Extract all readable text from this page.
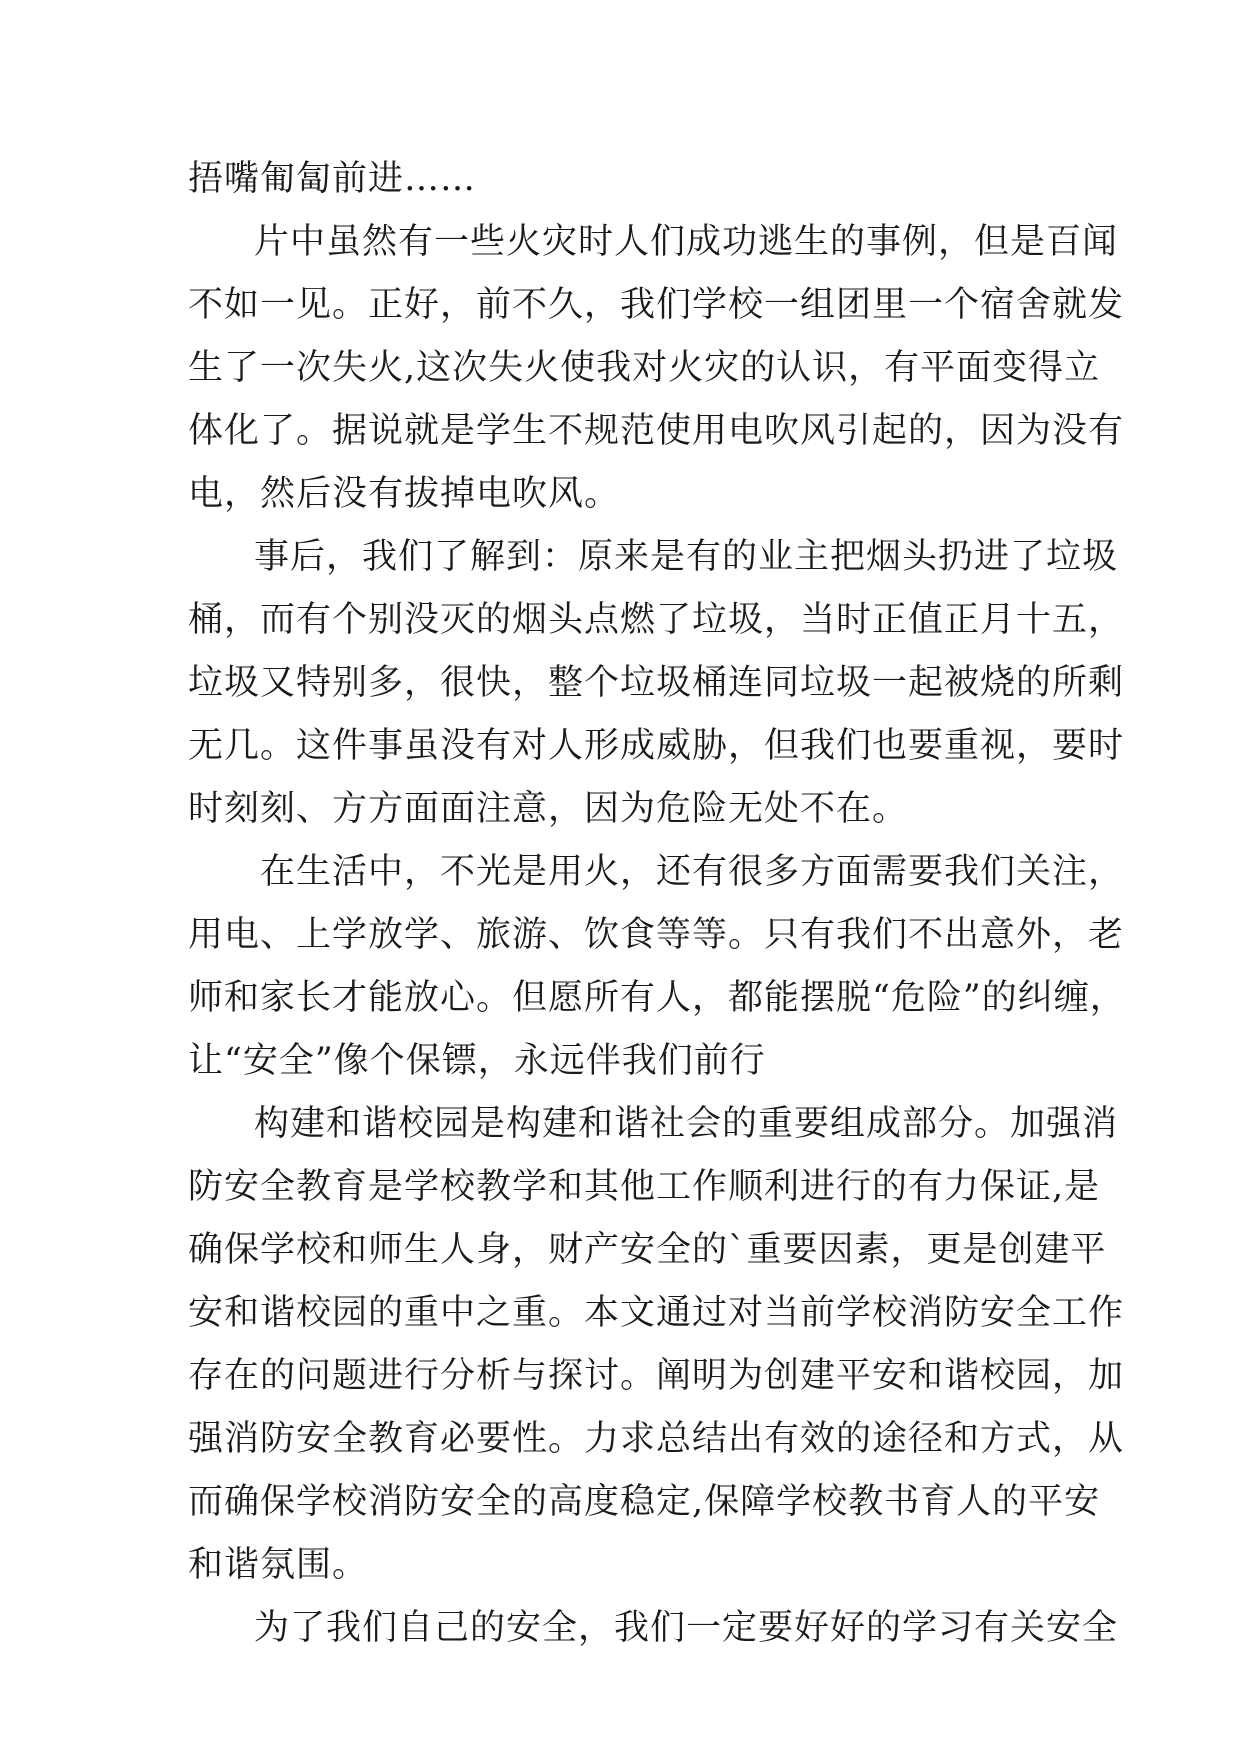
捂嘴匍匐前进……
片中虽然有一些火灾时人们成功逃生的事例，但是百闻
不如一见。正好，前不久，我们学校一组团里一个宿舍就发
生了一次失火,这次失火使我对火灾的认识，有平面变得立
体化了。据说就是学生不规范使用电吹风引起的，因为没有
电，然后没有拔掉电吹风。
事后，我们了解到：原来是有的业主把烟头扔进了垃圾
桶，而有个别没灭的烟头点燃了垃圾，当时正值正月十五，
垃圾又特别多，很快，整个垃圾桶连同垃圾一起被烧的所剩
无几。这件事虽没有对人形成威胁，但我们也要重视，要时
时刻刻、方方面面注意，因为危险无处不在。
在生活中，不光是用火，还有很多方面需要我们关注，
用电、上学放学、旅游、饮食等等。只有我们不出意外，老
师和家长才能放心。但愿所有人，都能摆脱“危险”的纠缠，
让“安全”像个保镖，永远伴我们前行
构建和谐校园是构建和谐社会的重要组成部分。加强消
防安全教育是学校教学和其他工作顺利进行的有力保证,是
确保学校和师生人身，财产安全的`重要因素，更是创建平
安和谐校园的重中之重。本文通过对当前学校消防安全工作
存在的问题进行分析与探讨。阐明为创建平安和谐校园，加
强消防安全教育必要性。力求总结出有效的途径和方式，从
而确保学校消防安全的高度稳定,保障学校教书育人的平安
和谐氛围。
为了我们自己的安全，我们一定要好好的学习有关安全
